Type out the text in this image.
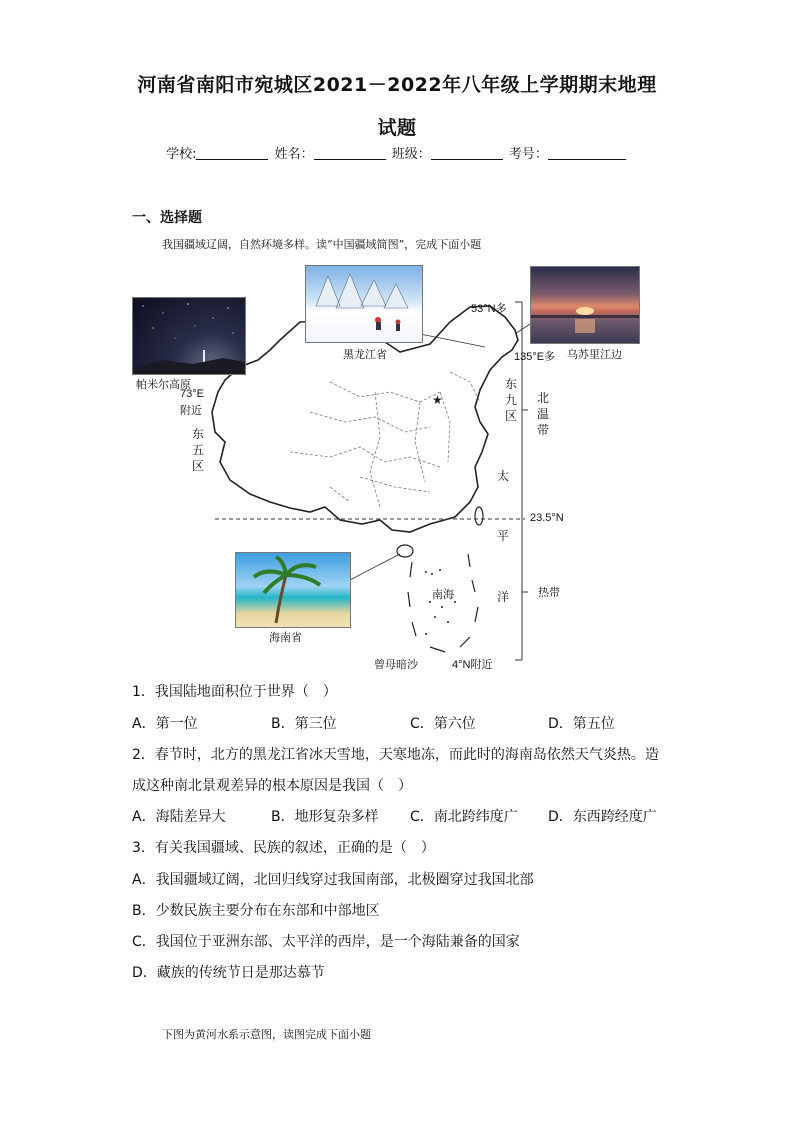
河南省南阳市宛城区2021－2022年八年级上学期期末地理
试题
学校:	姓名：	班级：	考号：
一、选择题
我国疆域辽阔，自然环境多样。读“中国疆域简图”，完成下面小题
★
帕米尔高原
黑龙江省	乌苏里江边
海南省
53°N多
135°E多
73°E
附近
东五区
东九区
北温带
23.5°N
热带
太
平
洋
南海
曾母暗沙	4°N附近
1．我国陆地面积位于世界（　）
A．第一位	B．第三位	C．第六位	D．第五位
2．春节时，北方的黑龙江省冰天雪地，天寒地冻，而此时的海南岛依然天气炎热。造
成这种南北景观差异的根本原因是我国（　）
A．海陆差异大	B．地形复杂多样 C．南北跨纬度广 D．东西跨经度广
3．有关我国疆域、民族的叙述，正确的是（　）
A．我国疆域辽阔，北回归线穿过我国南部，北极圈穿过我国北部
B．少数民族主要分布在东部和中部地区
C．我国位于亚洲东部、太平洋的西岸，是一个海陆兼备的国家
D．藏族的传统节日是那达慕节
下图为黄河水系示意图，读图完成下面小题
